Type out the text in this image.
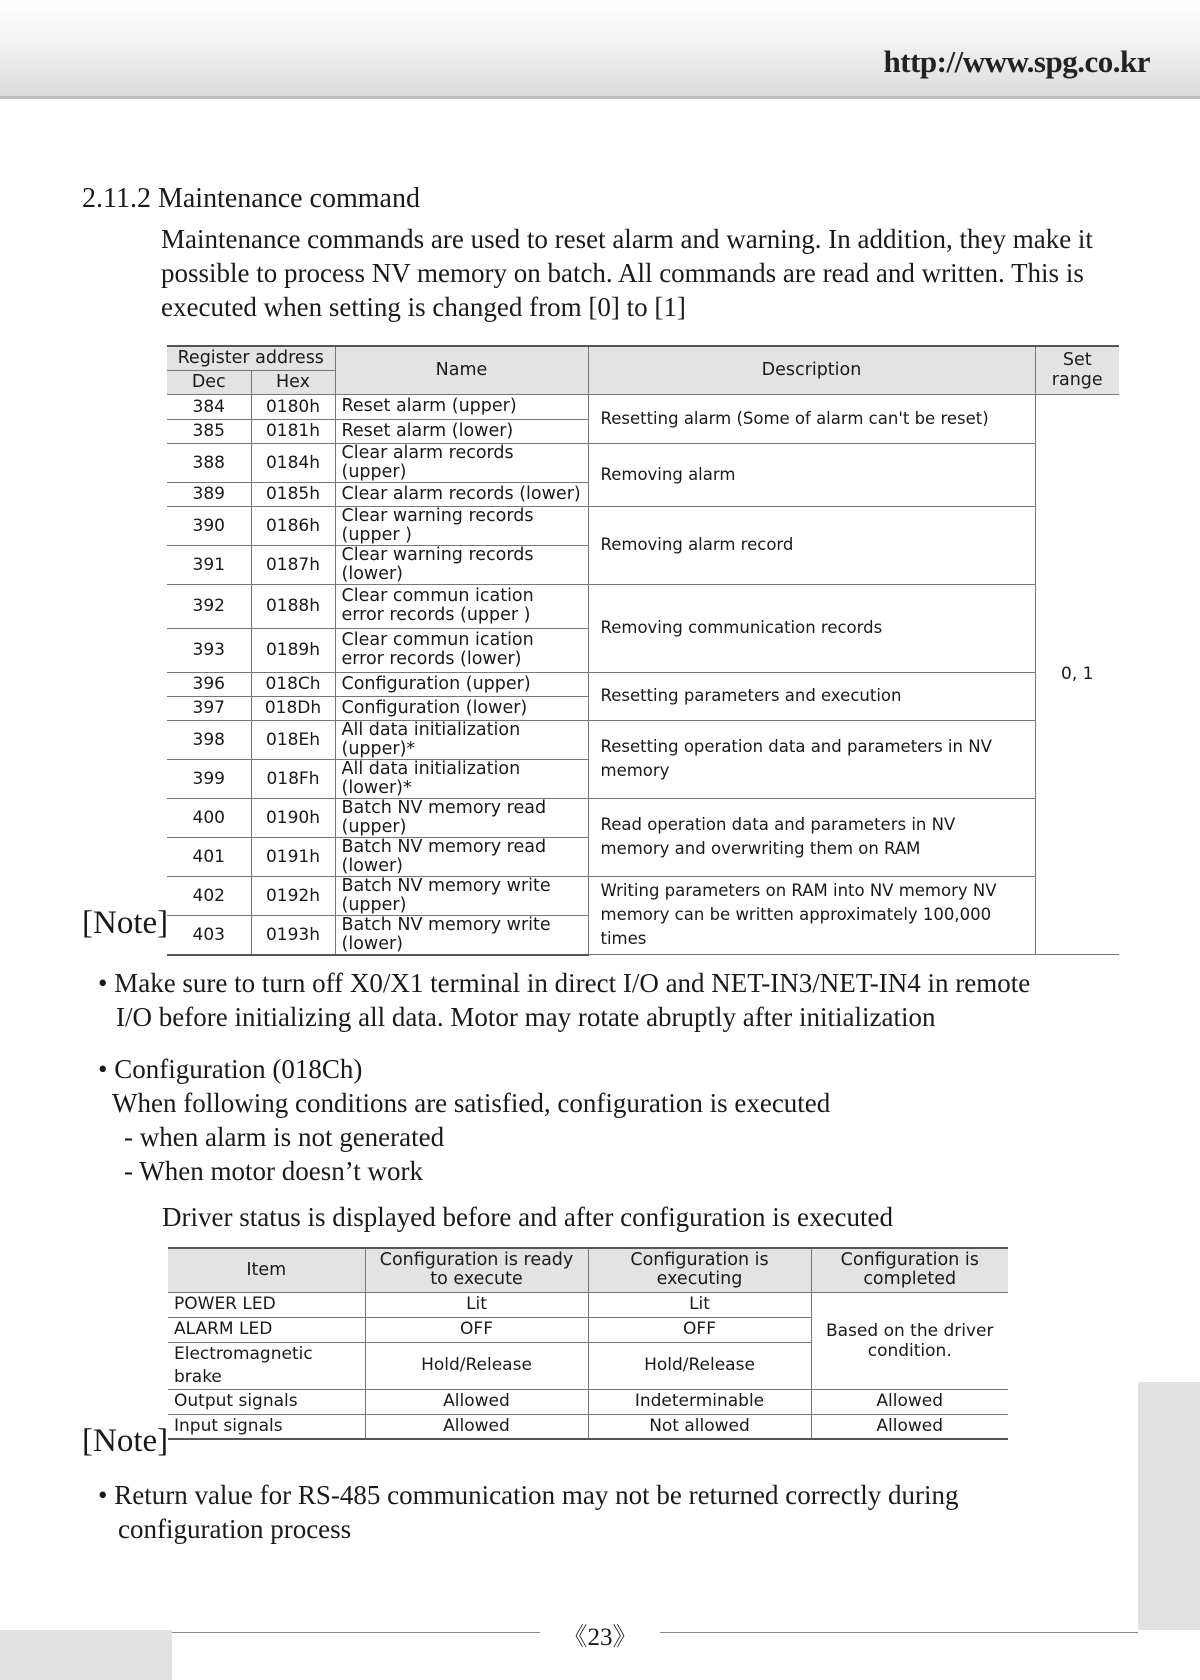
http://www.spg.co.kr
2.11.2 Maintenance command
Maintenance commands are used to reset alarm and warning. In addition, they make it
possible to process NV memory on batch. All commands are read and written. This is
executed when setting is changed from [0] to [1]
Register address		Name	Description	Set range
Dec	Hex			
384	0180h	Reset alarm (upper)	Resetting alarm (Some of alarm can't be reset)	0, 1
385	0181h	Reset alarm (lower)		
388	0184h	Clear alarm records (upper)	Removing alarm	
389	0185h	Clear alarm records (lower)		
390	0186h	Clear warning records (upper )	Removing alarm record	
391	0187h	Clear warning records (lower)		
392	0188h	Clear commun ication error records (upper )	Removing communication records	
393	0189h	Clear commun ication error records (lower)		
396	018Ch	Configuration (upper)	Resetting parameters and execution	
397	018Dh	Configuration (lower)		
398	018Eh	All data initialization (upper)*	Resetting operation data and parameters in NV memory	
399	018Fh	All data initialization (lower)*		
400	0190h	Batch NV memory read (upper)	Read operation data and parameters in NV memory and overwriting them on RAM	
401	0191h	Batch NV memory read (lower)		
402	0192h	Batch NV memory write (upper)	Writing parameters on RAM into NV memory NV memory can be written approximately 100,000 times	
403	0193h	Batch NV memory write (lower)		
[Note]
• Make sure to turn off X0/X1 terminal in direct I/O and NET-IN3/NET-IN4 in remote
I/O before initializing all data. Motor may rotate abruptly after initialization
• Configuration (018Ch)
When following conditions are satisfied, configuration is executed
- when alarm is not generated
- When motor doesn’t work
Driver status is displayed before and after configuration is executed
Item	Configuration is ready to execute	Configuration is executing	Configuration is completed
POWER LED	Lit	Lit	Based on the driver condition.
ALARM LED	OFF	OFF	
Electromagnetic brake	Hold/Release	Hold/Release	
Output signals	Allowed	Indeterminable	Allowed
Input signals	Allowed	Not allowed	Allowed
[Note]
• Return value for RS-485 communication may not be returned correctly during
configuration process
《23》
